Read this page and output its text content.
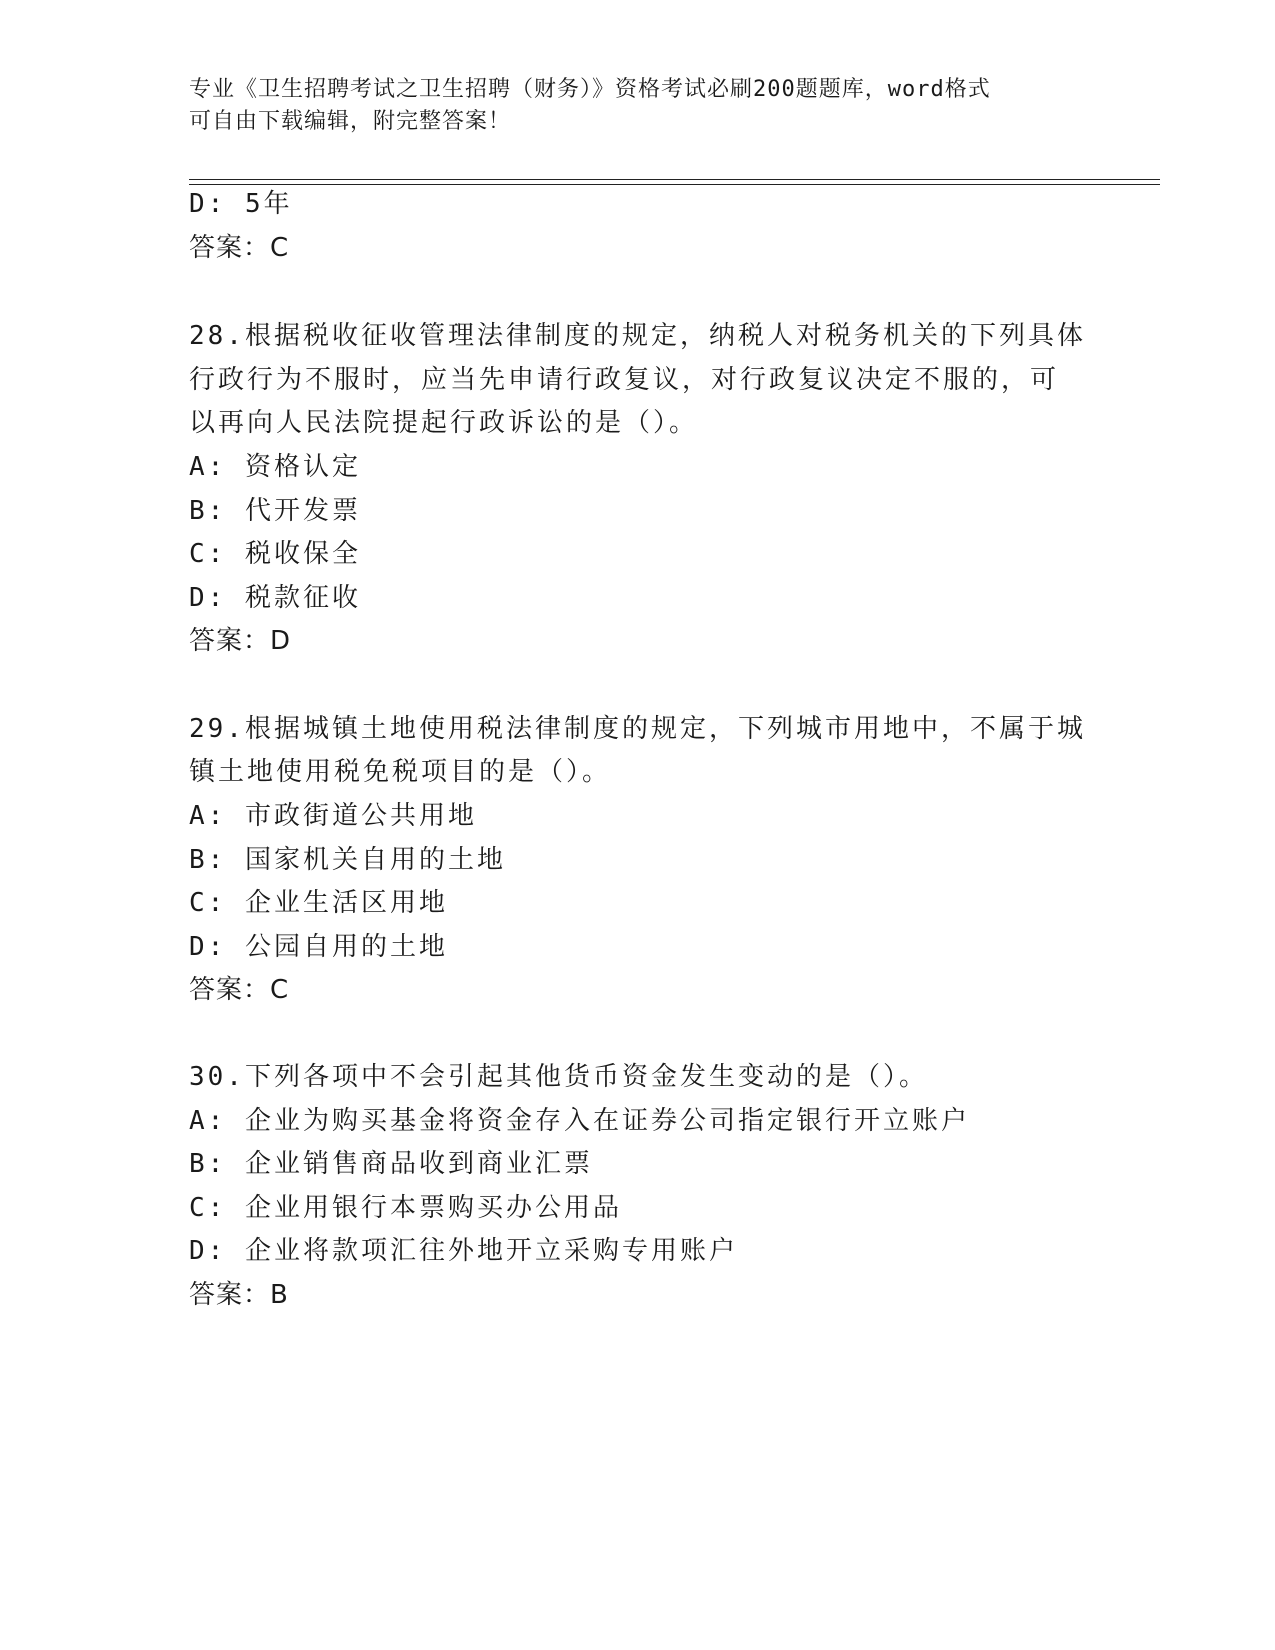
专业《卫生招聘考试之卫生招聘（财务）》资格考试必刷200题题库，word格式
可自由下载编辑，附完整答案！
D: 5年
答案：C
28.根据税收征收管理法律制度的规定，纳税人对税务机关的下列具体
行政行为不服时，应当先申请行政复议，对行政复议决定不服的，可
以再向人民法院提起行政诉讼的是（）。
A: 资格认定
B: 代开发票
C: 税收保全
D: 税款征收
答案：D
29.根据城镇土地使用税法律制度的规定，下列城市用地中，不属于城
镇土地使用税免税项目的是（）。
A: 市政街道公共用地
B: 国家机关自用的土地
C: 企业生活区用地
D: 公园自用的土地
答案：C
30.下列各项中不会引起其他货币资金发生变动的是（）。
A: 企业为购买基金将资金存入在证券公司指定银行开立账户
B: 企业销售商品收到商业汇票
C: 企业用银行本票购买办公用品
D: 企业将款项汇往外地开立采购专用账户
答案：B
